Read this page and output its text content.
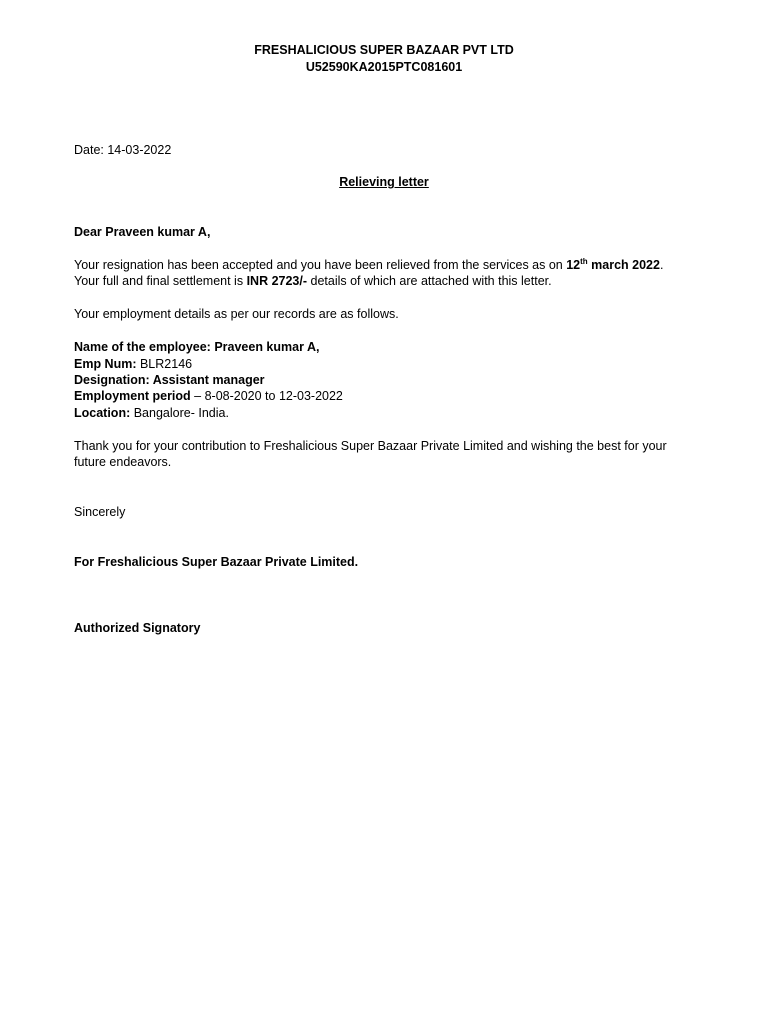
FRESHALICIOUS SUPER BAZAAR PVT LTD
U52590KA2015PTC081601
Date: 14-03-2022
Relieving letter
Dear Praveen kumar A,
Your resignation has been accepted and you have been relieved from the services as on 12th march 2022.
Your full and final settlement is INR 2723/- details of which are attached with this letter.
Your employment details as per our records are as follows.
Name of the employee: Praveen kumar A,
Emp Num: BLR2146
Designation: Assistant manager
Employment period – 8-08-2020 to 12-03-2022
Location: Bangalore- India.
Thank you for your contribution to Freshalicious Super Bazaar Private Limited and wishing the best for your
future endeavors.
Sincerely
For Freshalicious Super Bazaar Private Limited.
Authorized Signatory
